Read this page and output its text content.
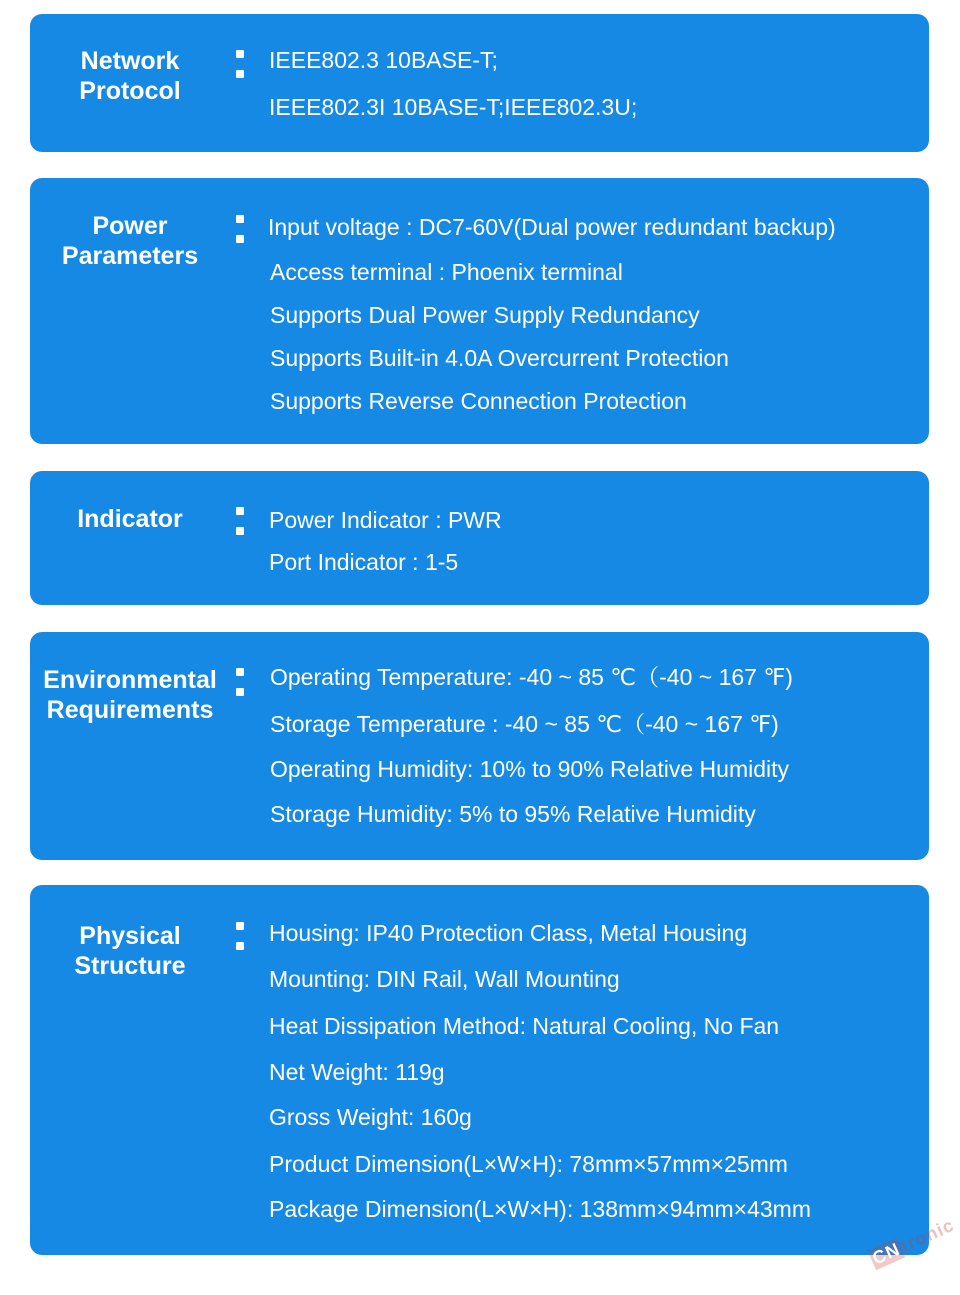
Network
Protocol
IEEE802.3 10BASE-T;
IEEE802.3I 10BASE-T;IEEE802.3U;
Power
Parameters
Input voltage : DC7-60V(Dual power redundant backup)
Access terminal : Phoenix terminal
Supports Dual Power Supply Redundancy
Supports Built-in 4.0A Overcurrent Protection
Supports Reverse Connection Protection
Indicator	Power Indicator : PWR
Port Indicator : 1-5
Environmental
Requirements
Operating Temperature: -40 ~ 85 ℃（-40 ~ 167 ℉)
Storage Temperature : -40 ~ 85 ℃（-40 ~ 167 ℉)
Operating Humidity: 10% to 90% Relative Humidity
Storage Humidity: 5% to 95% Relative Humidity
Physical
Structure
Housing: IP40 Protection Class, Metal Housing
Mounting: DIN Rail, Wall Mounting
Heat Dissipation Method: Natural Cooling, No Fan
Net Weight: 119g
Gross Weight: 160g
Product Dimension(L×W×H): 78mm×57mm×25mm
Package Dimension(L×W×H): 138mm×94mm×43mm
CNtronic
